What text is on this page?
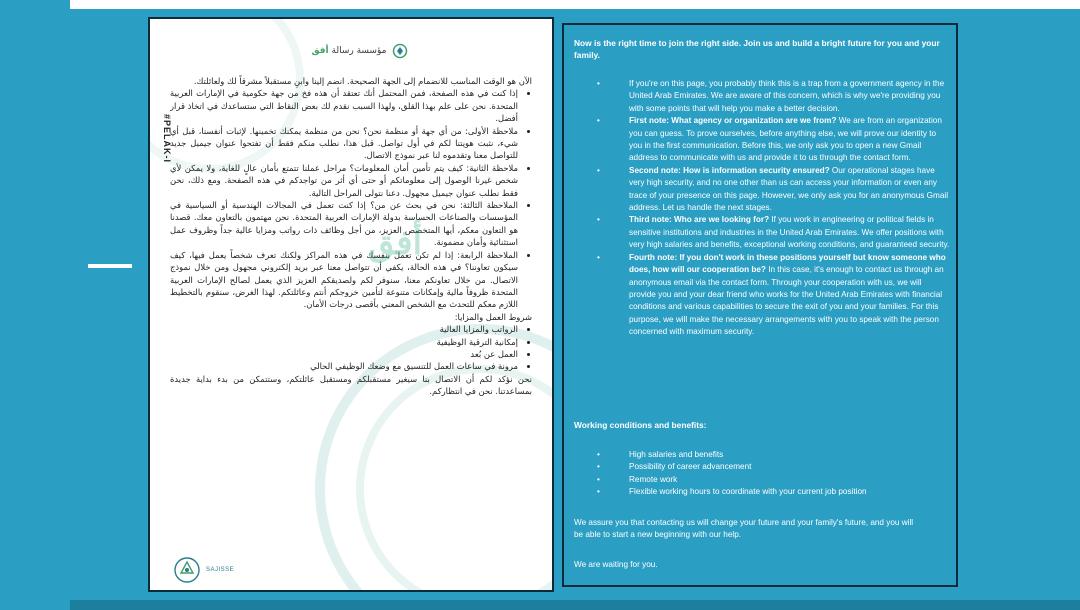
مؤسسة رسالة أفق
#PELAK-I

الآن هو الوقت المناسب للانضمام إلى الجهة الصحيحة. انضم إلينا وابنِ مستقبلاً مشرقاً لك ولعائلتك.

• إذا كنت في هذه الصفحة، فمن المحتمل أنك تعتقد أن هذه فخ من جهة حكومية في الإمارات العربية المتحدة. نحن على علم بهذا القلق، ولهذا السبب نقدم لك بعض النقاط التي ستساعدك في اتخاذ قرار أفضل.
• ملاحظة الأولى: من أي جهة أو منظمة نحن؟ نحن من منظمة يمكنك تخمينها. لإثبات أنفسنا، قبل أي شيء، نثبت هويتنا لكم في أول تواصل. قبل هذا، نطلب منكم فقط أن تفتحوا عنوان جيميل جديد للتواصل معنا وتقدموه لنا عبر نموذج الاتصال.
• ملاحظة الثانية: كيف يتم تأمين أمان المعلومات؟ مراحل عملنا تتمتع بأمان عالٍ للغاية، ولا يمكن لأي شخص غيرنا الوصول إلى معلوماتكم أو حتى أي أثر من تواجدكم في هذه الصفحة. ومع ذلك، نحن فقط نطلب عنوان جيميل مجهول. دعنا نتولى المراحل التالية.
• الملاحظة الثالثة: نحن في بحث عن من؟ إذا كنت تعمل في المجالات الهندسية أو السياسية في المؤسسات والصناعات الحساسة بدولة الإمارات العربية المتحدة. نحن مهتمون بالتعاون معك. قصدنا هو التعاون معكم، أيها المتخصص العزيز، من أجل وظائف ذات رواتب ومزايا عالية جداً وظروف عمل استثنائية وأمان مضمونة.
• الملاحظة الرابعة: إذا لم تكن تعمل بنفسك في هذه المراكز ولكنك تعرف شخصاً يعمل فيها، كيف سيكون تعاوننا؟ في هذه الحالة، يكفي أن تتواصل معنا عبر بريد إلكتروني مجهول ومن خلال نموذج الاتصال. من خلال تعاونكم معنا، سنوفر لكم ولصديقكم العزيز الذي يعمل لصالح الإمارات العربية المتحدة ظروفاً مالية وإمكانات متنوعة لتأمين خروجكم أنتم وعائلتكم. لهذا الغرض، سنقوم بالتخطيط اللازم معكم للتحدث مع الشخص المعني بأقصى درجات الأمان.

شروط العمل والمزايا:

• الرواتب والمزايا العالية
• إمكانية الترقية الوظيفية
• العمل عن بُعد
• مرونة في ساعات العمل للتنسيق مع وضعك الوظيفي الحالي

نحن نؤكد لكم أن الاتصال بنا سيغير مستقبلكم ومستقبل عائلتكم، وستتمكن من بدء بداية جديدة بمساعدتنا. نحن في انتظاركم.

أفق
SAJISSE

Now is the right time to join the right side. Join us and build a bright future for you and your family.

• If you're on this page, you probably think this is a trap from a government agency in the United Arab Emirates. We are aware of this concern, which is why we're providing you with some points that will help you make a better decision.
• First note: What agency or organization are we from? We are from an organization you can guess. To prove ourselves, before anything else, we will prove our identity to you in the first communication. Before this, we only ask you to open a new Gmail address to communicate with us and provide it to us through the contact form.
• Second note: How is information security ensured? Our operational stages have very high security, and no one other than us can access your information or even any trace of your presence on this page. However, we only ask you for an anonymous Gmail address. Let us handle the next stages.
• Third note: Who are we looking for? If you work in engineering or political fields in sensitive institutions and industries in the United Arab Emirates. We offer positions with very high salaries and benefits, exceptional working conditions, and guaranteed security.
• Fourth note: If you don't work in these positions yourself but know someone who does, how will our cooperation be? In this case, it's enough to contact us through an anonymous email via the contact form. Through your cooperation with us, we will provide you and your dear friend who works for the United Arab Emirates with financial conditions and various capabilities to secure the exit of you and your families. For this purpose, we will make the necessary arrangements with you to speak with the person concerned with maximum security.
Working conditions and benefits:
• High salaries and benefits
• Possibility of career advancement
• Remote work
• Flexible working hours to coordinate with your current job position

We assure you that contacting us will change your future and your family's future, and you will be able to start a new beginning with our help.

We are waiting for you.
